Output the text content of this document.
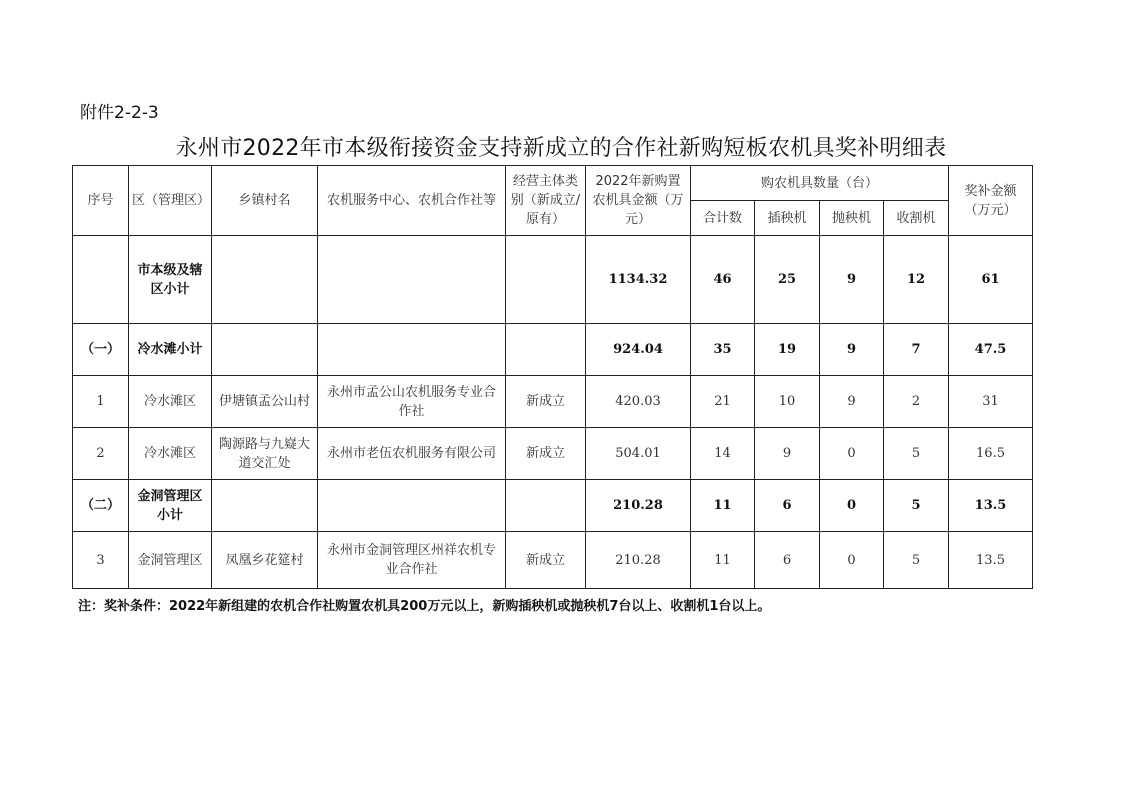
附件2-2-3
永州市2022年市本级衔接资金支持新成立的合作社新购短板农机具奖补明细表
序号	区（管理区）	乡镇村名	农机服务中心、农机合作社等	经营主体类别（新成立/原有）	2022年新购置农机具金额（万元）	购农机具数量（台）				奖补金额（万元）
						合计数	插秧机	抛秧机	收割机	
	市本级及辖区小计				1134.32	46	25	9	12	61
（一）	冷水滩小计				924.04	35	19	9	7	47.5
1	冷水滩区	伊塘镇孟公山村	永州市孟公山农机服务专业合作社	新成立	420.03	21	10	9	2	31
2	冷水滩区	陶源路与九嶷大道交汇处	永州市老伍农机服务有限公司	新成立	504.01	14	9	0	5	16.5
（二）	金洞管理区小计				210.28	11	6	0	5	13.5
3	金洞管理区	凤凰乡花筵村	永州市金洞管理区州祥农机专业合作社	新成立	210.28	11	6	0	5	13.5
注：奖补条件：2022年新组建的农机合作社购置农机具200万元以上，新购插秧机或抛秧机7台以上、收割机1台以上。
